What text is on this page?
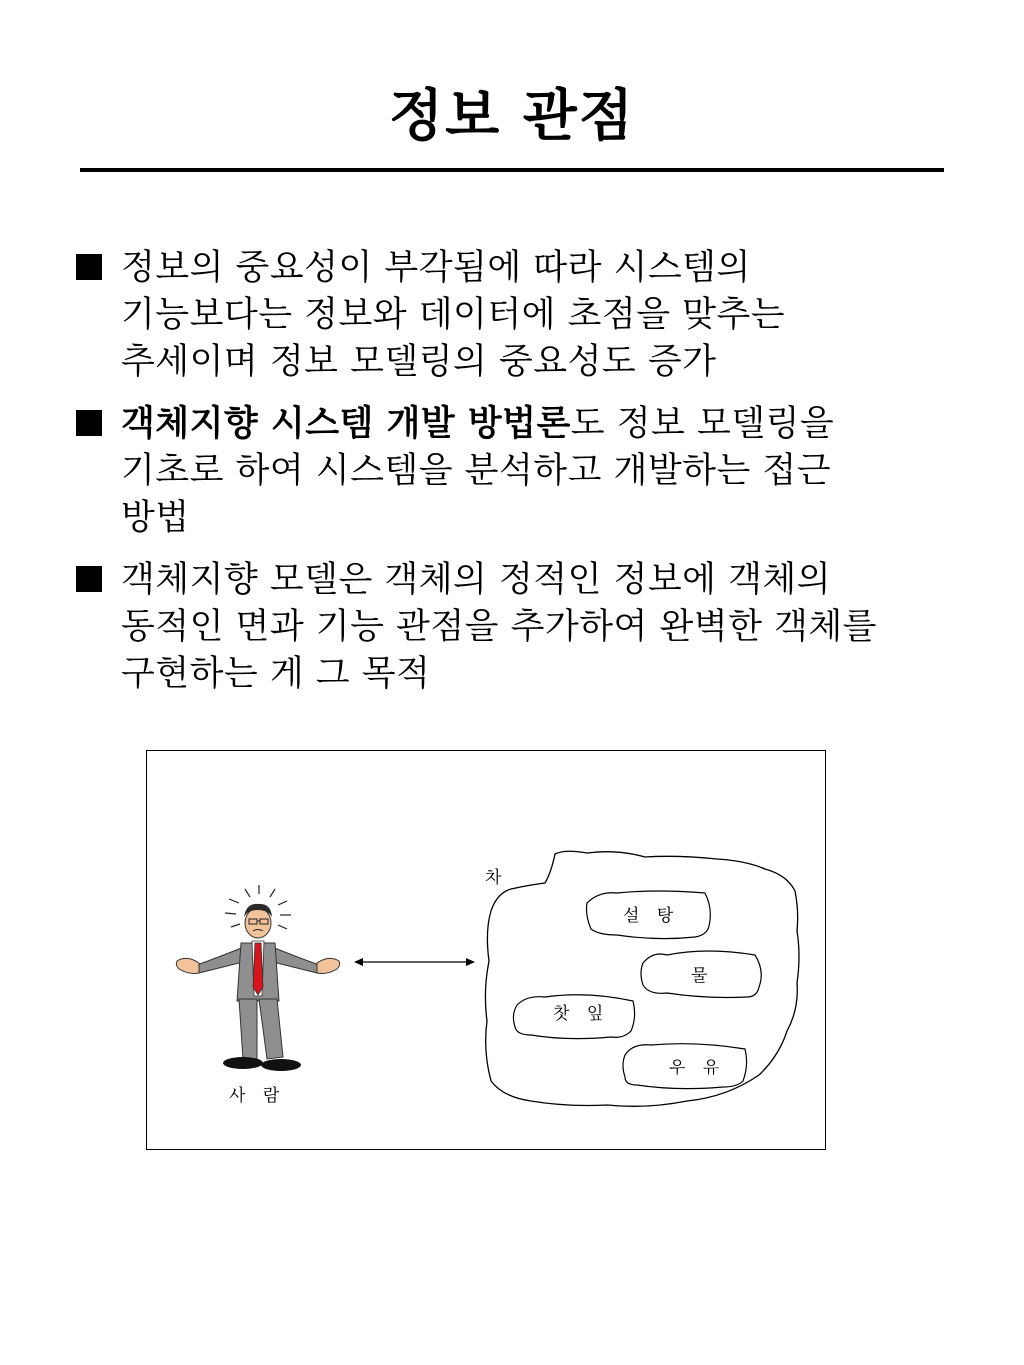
정보 관점
정보의 중요성이 부각됨에 따라 시스템의
기능보다는 정보와 데이터에 초점을 맞추는
추세이며 정보 모델링의 중요성도 증가
객체지향 시스템 개발 방법론도 정보 모델링을
기초로 하여 시스템을 분석하고 개발하는 접근
방법
객체지향 모델은 객체의 정적인 정보에 객체의
동적인 면과 기능 관점을 추가하여 완벽한 객체를
구현하는 게 그 목적
사 람
차
설 탕
물
찻 잎
우 유
